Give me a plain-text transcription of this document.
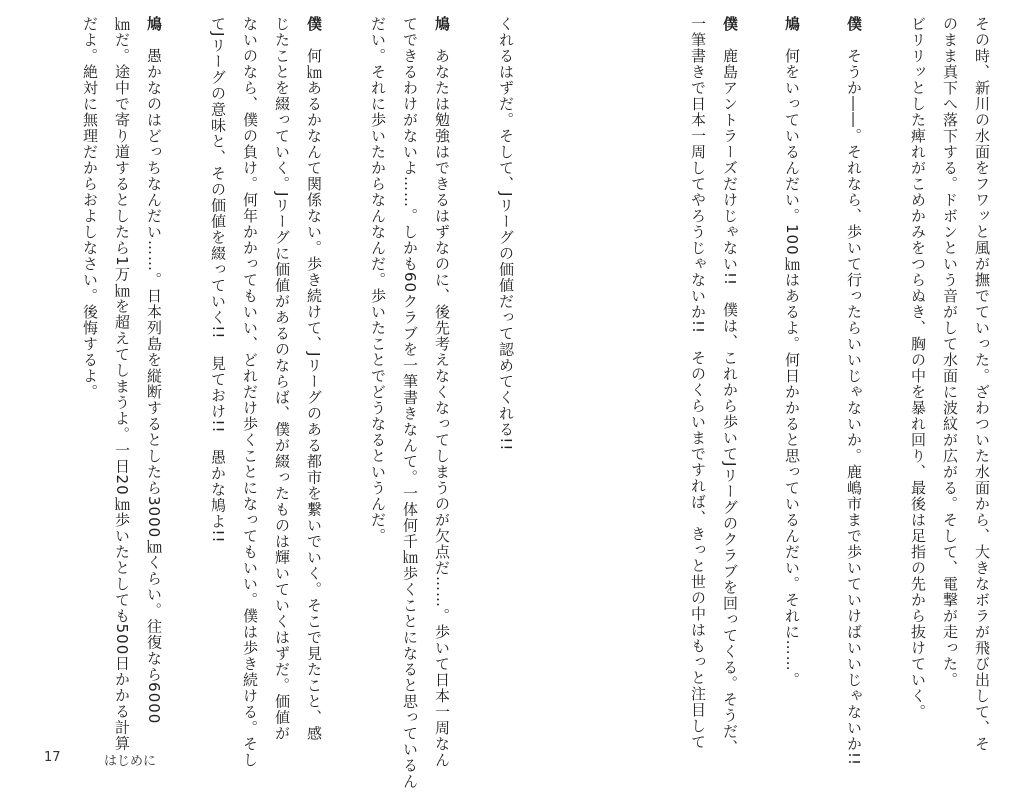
その時、新川の水面をフワッと風が撫でていった。ざわついた水面から、大きなボラが飛び出して、そ
のまま真下へ落下する。ドボンという音がして水面に波紋が広がる。そして、電撃が走った。
ビリリッとした痺れがこめかみをつらぬき、胸の中を暴れ回り、最後は足指の先から抜けていく。
僕
そうか――。それなら、歩いて行ったらいいじゃないか。鹿嶋市まで歩いていけばいいじゃないか!!
鳩
何をいっているんだい。100㎞はあるよ。何日かかると思っているんだい。それに……。
僕
鹿島アントラーズだけじゃない!!　僕は、これから歩いてJリーグのクラブを回ってくる。そうだ、
一筆書きで日本一周してやろうじゃないか!!　そのくらいまですれば、きっと世の中はもっと注目して
くれるはずだ。そして、Jリーグの価値だって認めてくれる!!
鳩
あなたは勉強はできるはずなのに、後先考えなくなってしまうのが欠点だ……。歩いて日本一周なん
てできるわけがないよ……。しかも60クラブを一筆書きなんて。一体何千㎞歩くことになると思っているん
だい。それに歩いたからなんなんだ。歩いたことでどうなるというんだ。
僕
何㎞あるかなんて関係ない。歩き続けて、Jリーグのある都市を繋いでいく。そこで見たこと、感
じたことを綴っていく。Jリーグに価値があるのならば、僕が綴ったものは輝いていくはずだ。価値が
ないのなら、僕の負け。何年かかってもいい、どれだけ歩くことになってもいい。僕は歩き続ける。そし
てJリーグの意味と、その価値を綴っていく!!　見ておけ!!　愚かな鳩よ!!
鳩
愚かなのはどっちなんだい……。日本列島を縦断するとしたら3000㎞くらい。往復なら6000
㎞だ。途中で寄り道するとしたら1万㎞を超えてしまうよ。一日20㎞歩いたとしても500日かかる計算
だよ。絶対に無理だからおよしなさい。後悔するよ。
17	はじめに
